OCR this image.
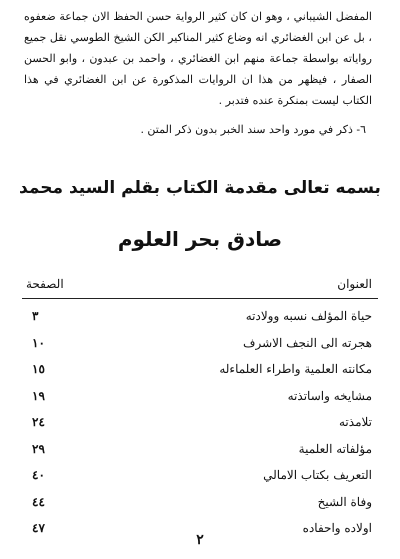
المفضل الشيباني ، وهو ان كان كثير الرواية حسن الحفظ الان جماعة ضعفوه ، بل عن ابن الغضائري انه وضاع كثير المناكير الكن الشيخ الطوسي نقل جميع رواياته بواسطة جماعة منهم ابن الغضائري ، واحمد بن عبدون ، وابو الحسن الصفار ، فيظهر من هذا ان الروايات المذكورة عن ابن الغضائري في هذا الكتاب ليست بمنكرة عنده فتدبر .
٦- ذكر في مورد واحد سند الخبر بدون ذكر المتن .
بسمه تعالى مقدمة الكتاب بقلم السيد محمد
صادق بحر العلوم
العنوان
الصفحة
حياة المؤلف نسبه وولادته
٣
هجرته الى النجف الاشرف
١٠
مكانته العلمية واطراء العلماءله
١٥
مشايخه واساتذته
١٩
تلامذته
٢٤
مؤلفاته العلمية
٢٩
التعريف بكتاب الامالي
٤٠
وفاة الشيخ
٤٤
اولاده واحفاده
٤٧
٢
